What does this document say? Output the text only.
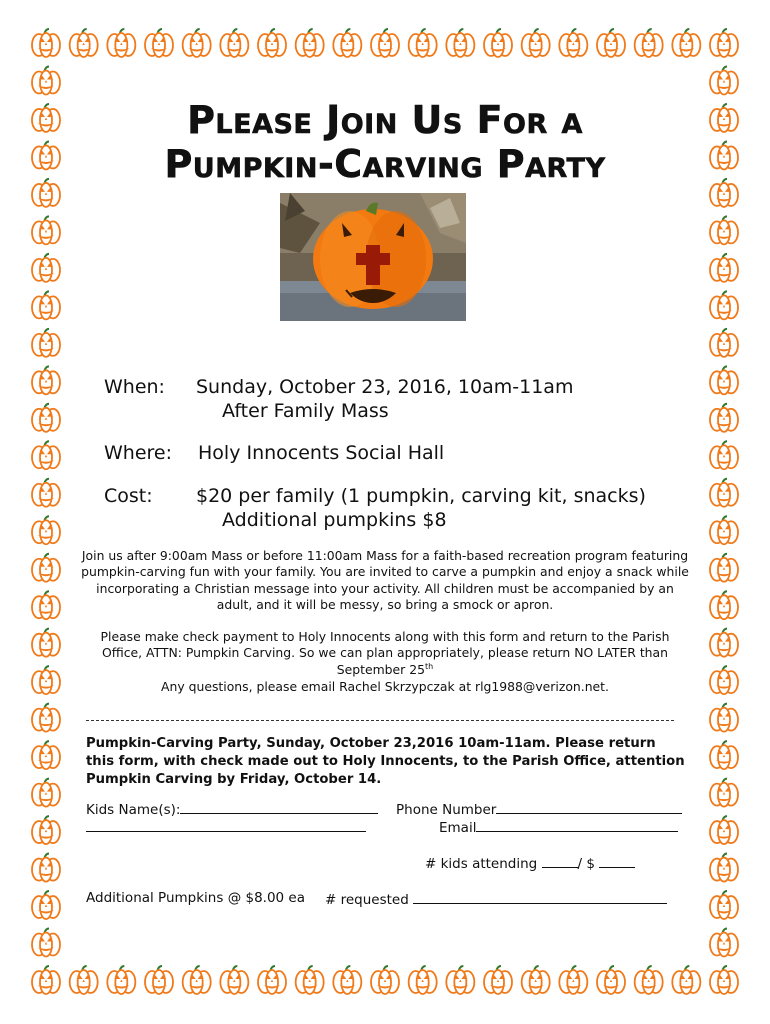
Please Join Us For a
Pumpkin-Carving Party
When: Sunday, October 23, 2016, 10am-11am
After Family Mass
Where: Holy Innocents Social Hall
Cost: $20 per family (1 pumpkin, carving kit, snacks)
Additional pumpkins $8
Join us after 9:00am Mass or before 11:00am Mass for a faith-based recreation program featuring pumpkin-carving fun with your family. You are invited to carve a pumpkin and enjoy a snack while incorporating a Christian message into your activity. All children must be accompanied by an adult, and it will be messy, so bring a smock or apron.
Please make check payment to Holy Innocents along with this form and return to the Parish Office, ATTN: Pumpkin Carving. So we can plan appropriately, please return NO LATER than September 25th
Any questions, please email Rachel Skrzypczak at rlg1988@verizon.net.
Pumpkin-Carving Party, Sunday, October 23,2016 10am-11am. Please return this form, with check made out to Holy Innocents, to the Parish Office, attention Pumpkin Carving by Friday, October 14.
Kids Name(s):	Phone Number
Email
# kids attending	/ $
Additional Pumpkins @ $8.00 ea # requested
